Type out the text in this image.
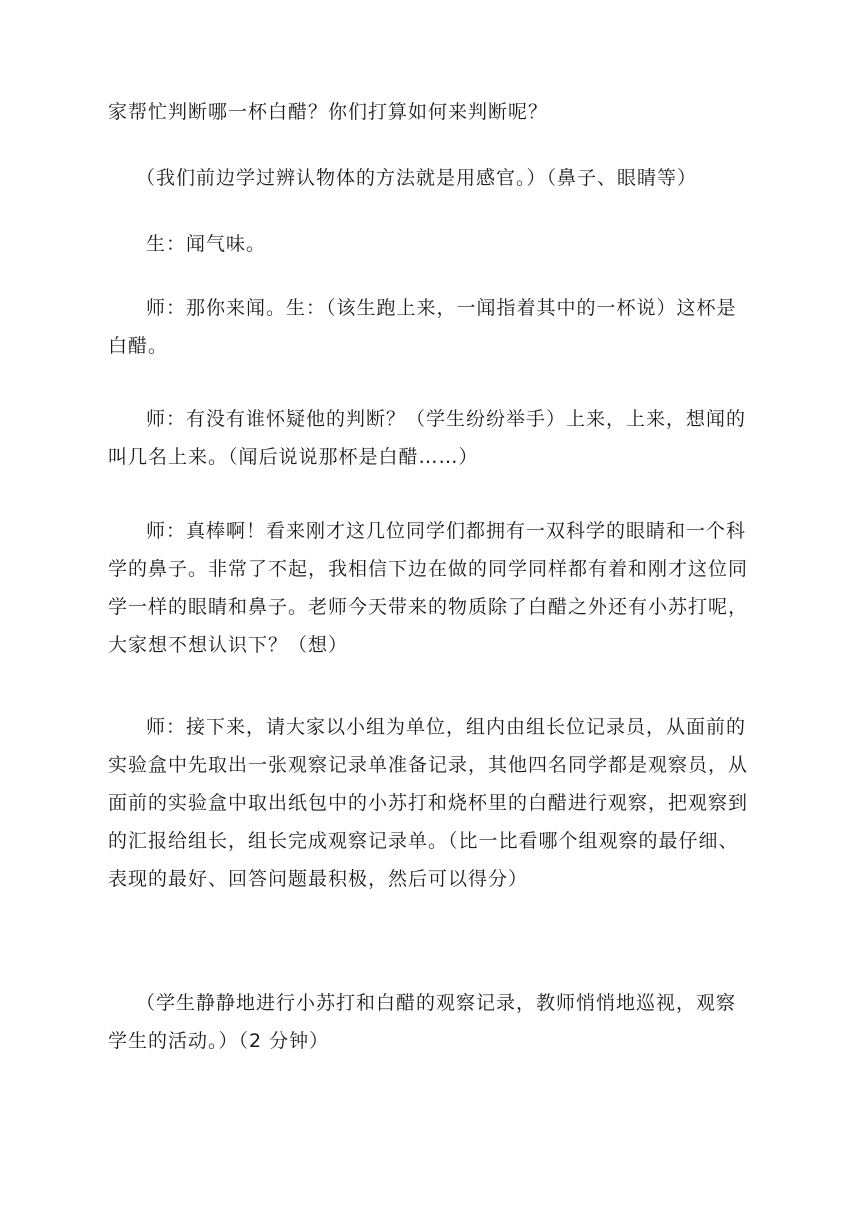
家帮忙判断哪一杯白醋？你们打算如何来判断呢？

（我们前边学过辨认物体的方法就是用感官。）（鼻子、眼睛等）

生：闻气味。

师：那你来闻。生：（该生跑上来，一闻指着其中的一杯说）这杯是
白醋。

师：有没有谁怀疑他的判断？（学生纷纷举手）上来，上来，想闻的
叫几名上来。（闻后说说那杯是白醋……）

师：真棒啊！看来刚才这几位同学们都拥有一双科学的眼睛和一个科
学的鼻子。非常了不起，我相信下边在做的同学同样都有着和刚才这位同
学一样的眼睛和鼻子。老师今天带来的物质除了白醋之外还有小苏打呢，
大家想不想认识下？（想）

师：接下来，请大家以小组为单位，组内由组长位记录员，从面前的
实验盒中先取出一张观察记录单准备记录，其他四名同学都是观察员，从
面前的实验盒中取出纸包中的小苏打和烧杯里的白醋进行观察，把观察到
的汇报给组长，组长完成观察记录单。（比一比看哪个组观察的最仔细、
表现的最好、回答问题最积极，然后可以得分）

（学生静静地进行小苏打和白醋的观察记录，教师悄悄地巡视，观察
学生的活动。）（2 分钟）
